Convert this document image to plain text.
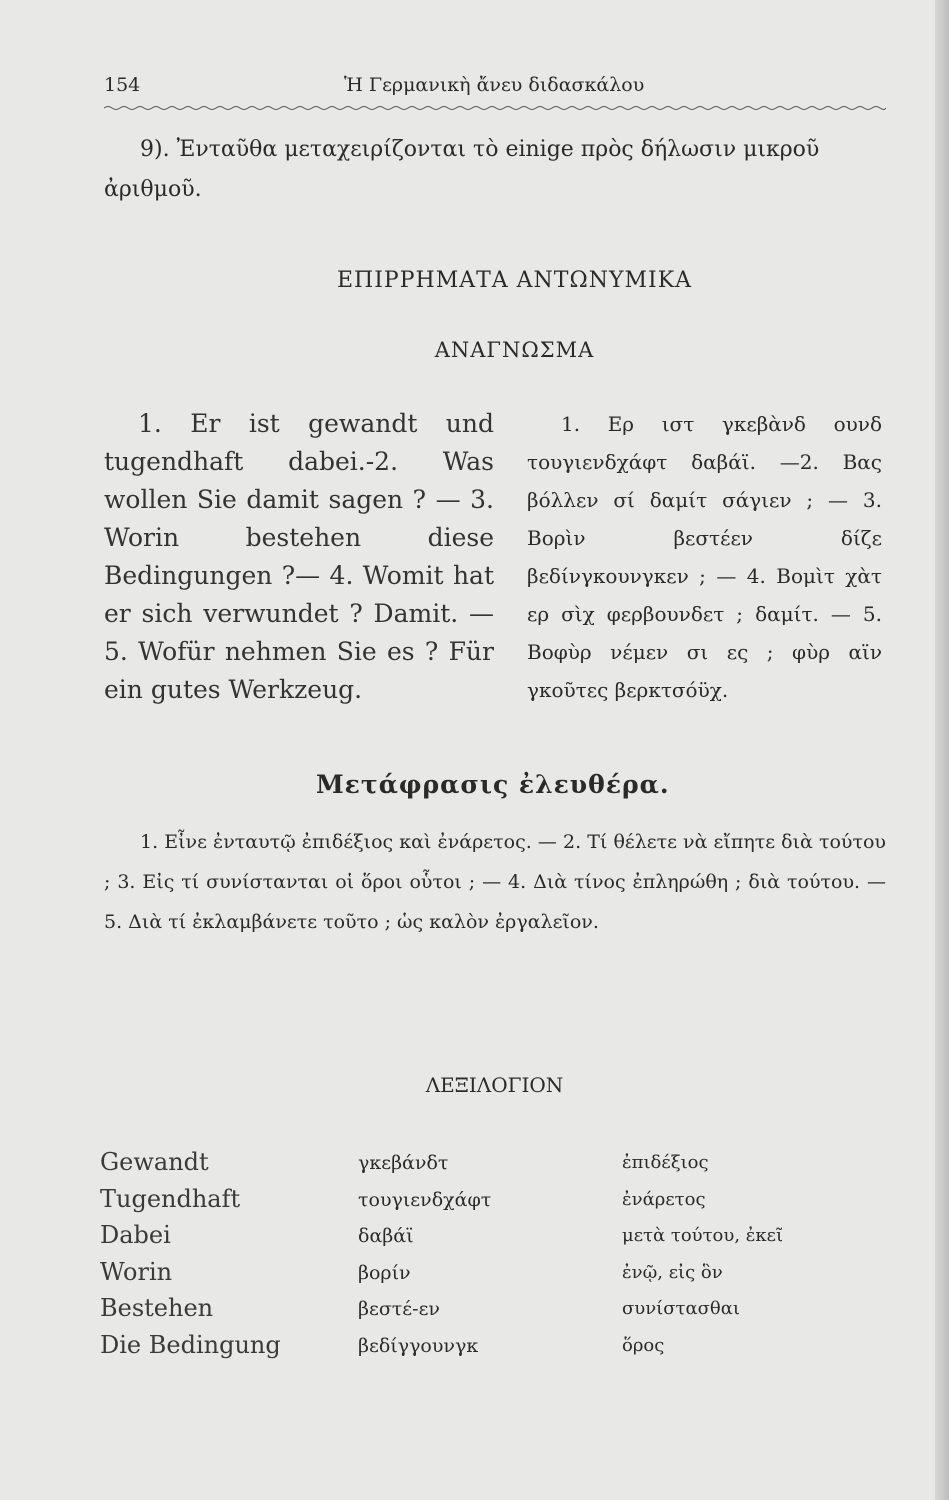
154	Ἡ Γερμανικὴ ἄνευ διδασκάλου
9). Ἐνταῦθα μεταχειρίζονται τὸ einige πρὸς δήλωσιν μικροῦ ἀριθμοῦ.
ΕΠΙΡΡΗΜΑΤΑ ΑΝΤΩΝΥΜΙΚΑ
ΑΝΑΓΝΩΣΜΑ
1. Er ist gewandt und tugendhaft dabei.-2. Was wollen Sie damit sagen ? — 3. Worin bestehen diese Bedingungen ?— 4. Womit hat er sich verwundet ? Damit. —5. Wofür nehmen Sie es ? Für ein gutes Werkzeug.
1. Ερ ιστ γκεβὰνδ ουνδ τουγιενδχάφτ δαβάϊ. —2. Βας βόλλεν σί δαμίτ σάγιεν ; — 3. Βορὶν βεστέεν δίζε βεδίνγκουνγκεν ; — 4. Βομὶτ χὰτ ερ σὶχ φερβουνδετ ; δαμίτ. — 5. Βοφὺρ νέμεν σι ες ; φὺρ αϊν γκοῦτες βερκτσόϋχ.
Μετάφρασις ἐλευθέρα.
1. Εἶνε ἐνταυτῷ ἐπιδέξιος καὶ ἐνάρετος. — 2. Τί θέλετε νὰ εἴπητε διὰ τούτου ; 3. Εἰς τί συνίστανται οἱ ὅροι οὗτοι ; — 4. Διὰ τίνος ἐπληρώθη ; διὰ τούτου. — 5. Διὰ τί ἐκλαμβάνετε τοῦτο ; ὡς καλὸν ἐργαλεῖον.
ΛΕΞΙΛΟΓΙΟΝ
Gewandt	γκεβάνδτ	ἐπιδέξιος
Tugendhaft	τουγιενδχάφτ	ἐνάρετος
Dabei	δαβάϊ	μετὰ τούτου, ἐκεῖ
Worin	βορίν	ἐνῷ, εἰς ὃν
Bestehen	βεστέ-εν	συνίστασθαι
Die Bedingung	βεδίγγουνγκ	ὅρος
